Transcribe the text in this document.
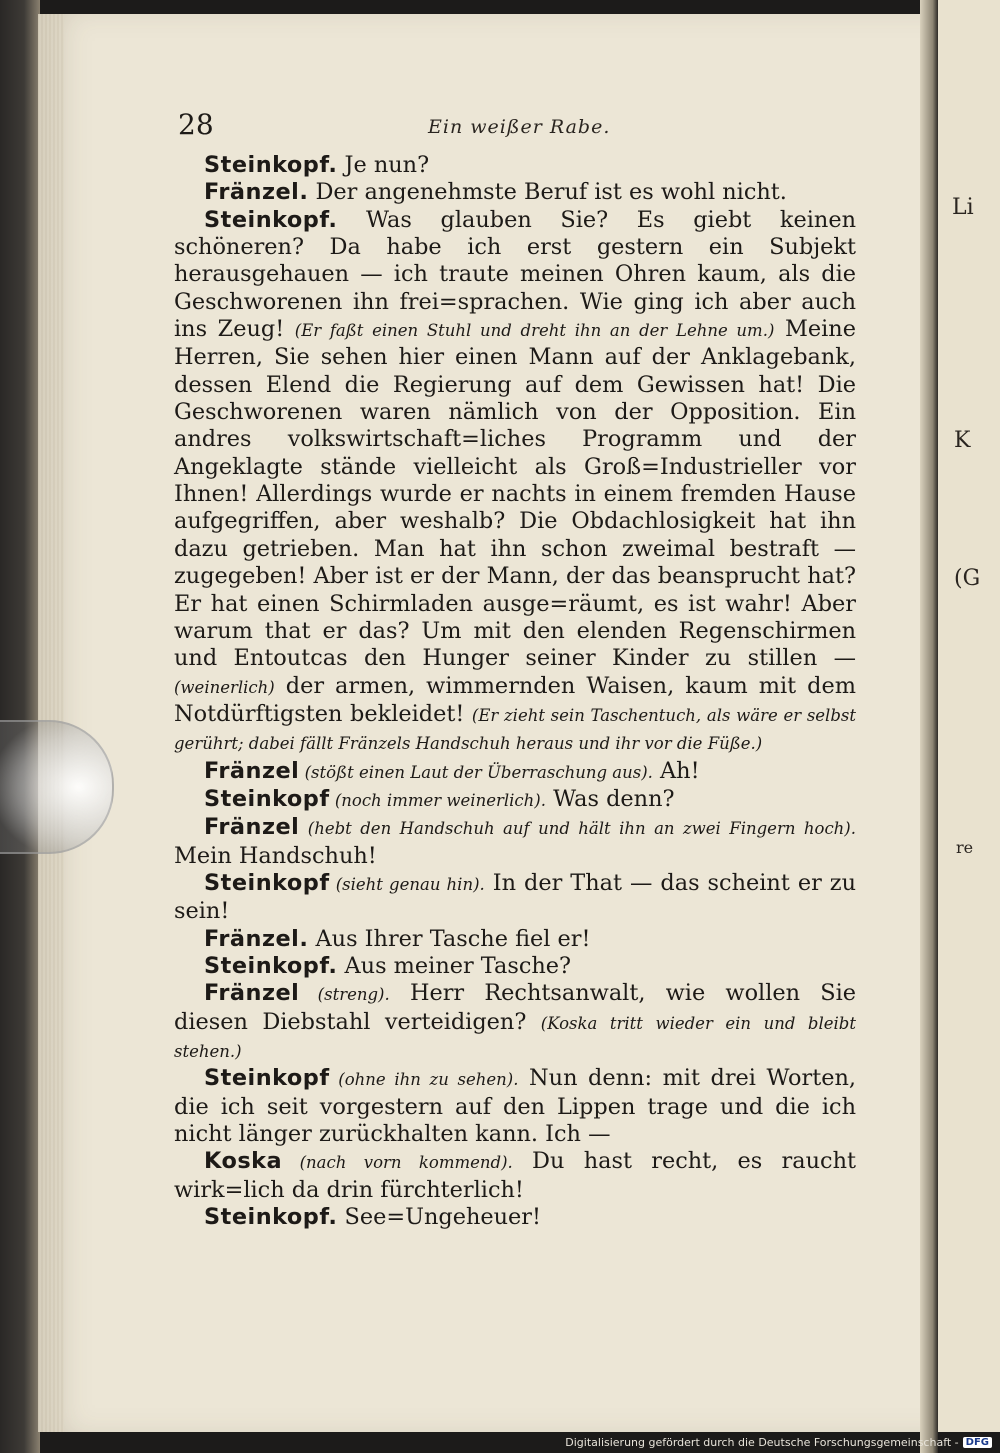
Li
K
(G
re
28	Ein weißer Rabe.

Steinkopf. Je nun?

Fränzel. Der angenehmste Beruf ist es wohl nicht.

Steinkopf. Was glauben Sie? Es giebt keinen schöneren? Da habe ich erst gestern ein Subjekt herausgehauen — ich traute meinen Ohren kaum, als die Geschworenen ihn frei=sprachen. Wie ging ich aber auch ins Zeug! (Er faßt einen Stuhl und dreht ihn an der Lehne um.) Meine Herren, Sie sehen hier einen Mann auf der Anklagebank, dessen Elend die Regierung auf dem Gewissen hat! Die Geschworenen waren nämlich von der Opposition. Ein andres volkswirtschaft=liches Programm und der Angeklagte stände vielleicht als Groß=Industrieller vor Ihnen! Allerdings wurde er nachts in einem fremden Hause aufgegriffen, aber weshalb? Die Obdachlosigkeit hat ihn dazu getrieben. Man hat ihn schon zweimal bestraft — zugegeben! Aber ist er der Mann, der das beansprucht hat? Er hat einen Schirmladen ausge=räumt, es ist wahr! Aber warum that er das? Um mit den elenden Regenschirmen und Entoutcas den Hunger seiner Kinder zu stillen — (weinerlich) der armen, wimmernden Waisen, kaum mit dem Notdürftigsten bekleidet! (Er zieht sein Taschentuch, als wäre er selbst gerührt; dabei fällt Fränzels Handschuh heraus und ihr vor die Füße.)

Fränzel (stößt einen Laut der Überraschung aus). Ah!

Steinkopf (noch immer weinerlich). Was denn?

Fränzel (hebt den Handschuh auf und hält ihn an zwei Fingern hoch). Mein Handschuh!

Steinkopf (sieht genau hin). In der That — das scheint er zu sein!

Fränzel. Aus Ihrer Tasche fiel er!

Steinkopf. Aus meiner Tasche?

Fränzel (streng). Herr Rechtsanwalt, wie wollen Sie diesen Diebstahl verteidigen? (Koska tritt wieder ein und bleibt stehen.)

Steinkopf (ohne ihn zu sehen). Nun denn: mit drei Worten, die ich seit vorgestern auf den Lippen trage und die ich nicht länger zurückhalten kann. Ich —

Koska (nach vorn kommend). Du hast recht, es raucht wirk=lich da drin fürchterlich!

Steinkopf. See=Ungeheuer!

Digitalisierung gefördert durch die Deutsche Forschungsgemeinschaft - DFG
